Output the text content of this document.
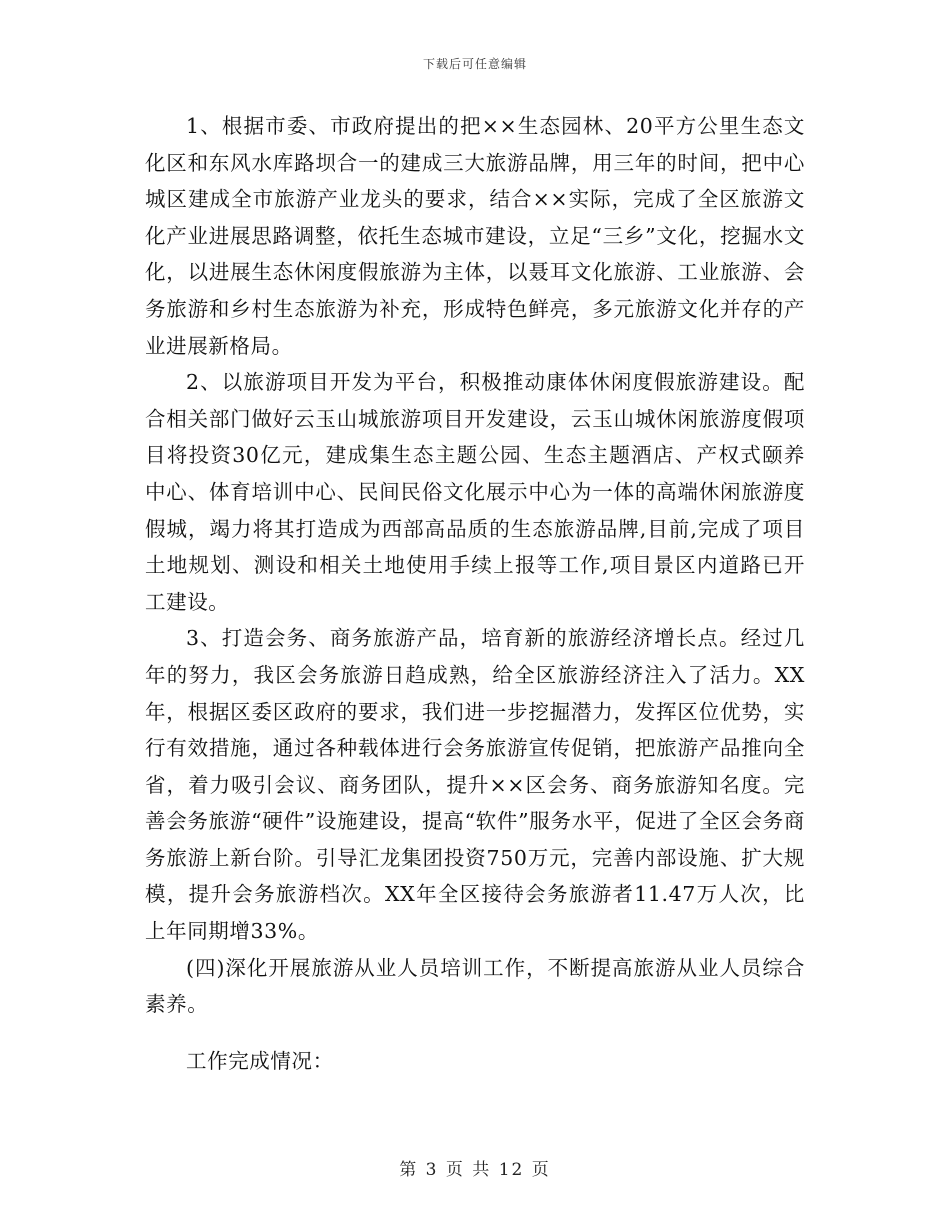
下载后可任意编辑

1、根据市委、市政府提出的把××生态园林、20平方公里生态文化区和东风水库路坝合一的建成三大旅游品牌，用三年的时间，把中心城区建成全市旅游产业龙头的要求，结合××实际，完成了全区旅游文化产业进展思路调整，依托生态城市建设，立足“三乡”文化，挖掘水文化，以进展生态休闲度假旅游为主体，以聂耳文化旅游、工业旅游、会务旅游和乡村生态旅游为补充，形成特色鲜亮，多元旅游文化并存的产业进展新格局。

2、以旅游项目开发为平台，积极推动康体休闲度假旅游建设。配合相关部门做好云玉山城旅游项目开发建设，云玉山城休闲旅游度假项目将投资30亿元，建成集生态主题公园、生态主题酒店、产权式颐养中心、体育培训中心、民间民俗文化展示中心为一体的高端休闲旅游度假城，竭力将其打造成为西部高品质的生态旅游品牌,目前,完成了项目土地规划、测设和相关土地使用手续上报等工作,项目景区内道路已开工建设。

3、打造会务、商务旅游产品，培育新的旅游经济增长点。经过几年的努力，我区会务旅游日趋成熟，给全区旅游经济注入了活力。XX年，根据区委区政府的要求，我们进一步挖掘潜力，发挥区位优势，实行有效措施，通过各种载体进行会务旅游宣传促销，把旅游产品推向全省，着力吸引会议、商务团队，提升××区会务、商务旅游知名度。完善会务旅游“硬件”设施建设，提高“软件”服务水平，促进了全区会务商务旅游上新台阶。引导汇龙集团投资750万元，完善内部设施、扩大规模，提升会务旅游档次。XX年全区接待会务旅游者11.47万人次，比上年同期增33%。

(四)深化开展旅游从业人员培训工作，不断提高旅游从业人员综合素养。

工作完成情况：

第 3 页 共 12 页
